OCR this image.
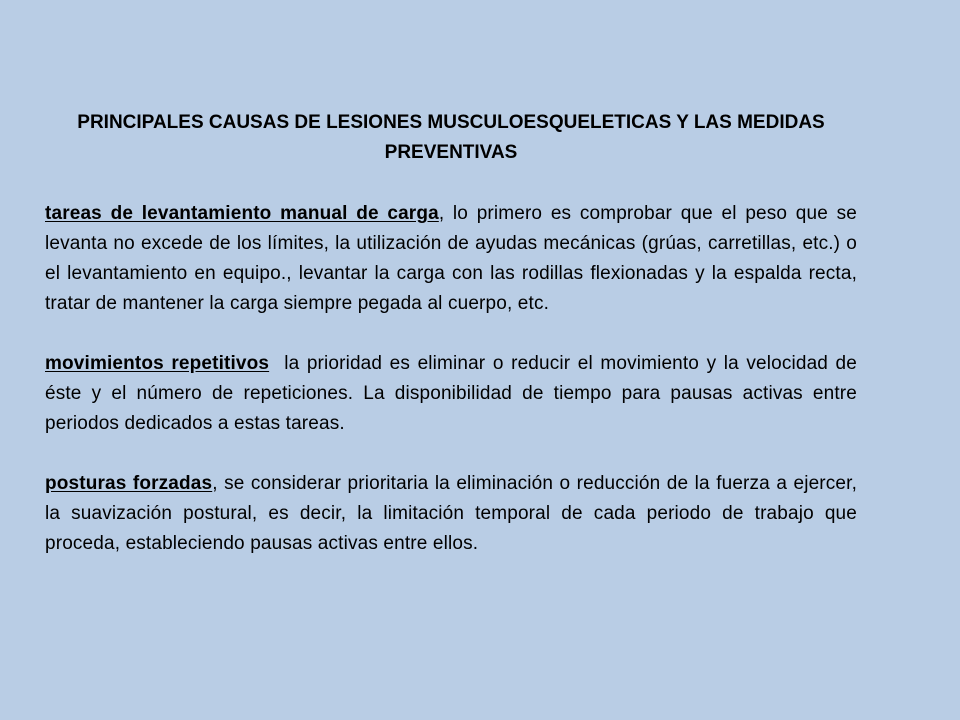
PRINCIPALES CAUSAS DE LESIONES MUSCULOESQUELETICAS Y LAS MEDIDAS PREVENTIVAS

tareas de levantamiento manual de carga, lo primero es comprobar que el peso que se levanta no excede de los límites, la utilización de ayudas mecánicas (grúas, carretillas, etc.) o el levantamiento en equipo., levantar la carga con las rodillas flexionadas y la espalda recta, tratar de mantener la carga siempre pegada al cuerpo, etc.

movimientos repetitivos  la prioridad es eliminar o reducir el movimiento y la velocidad de éste y el número de repeticiones. La disponibilidad de tiempo para pausas activas entre periodos dedicados a estas tareas.

posturas forzadas, se considerar prioritaria la eliminación o reducción de la fuerza a ejercer, la suavización postural, es decir, la limitación temporal de cada periodo de trabajo que proceda, estableciendo pausas activas entre ellos.
